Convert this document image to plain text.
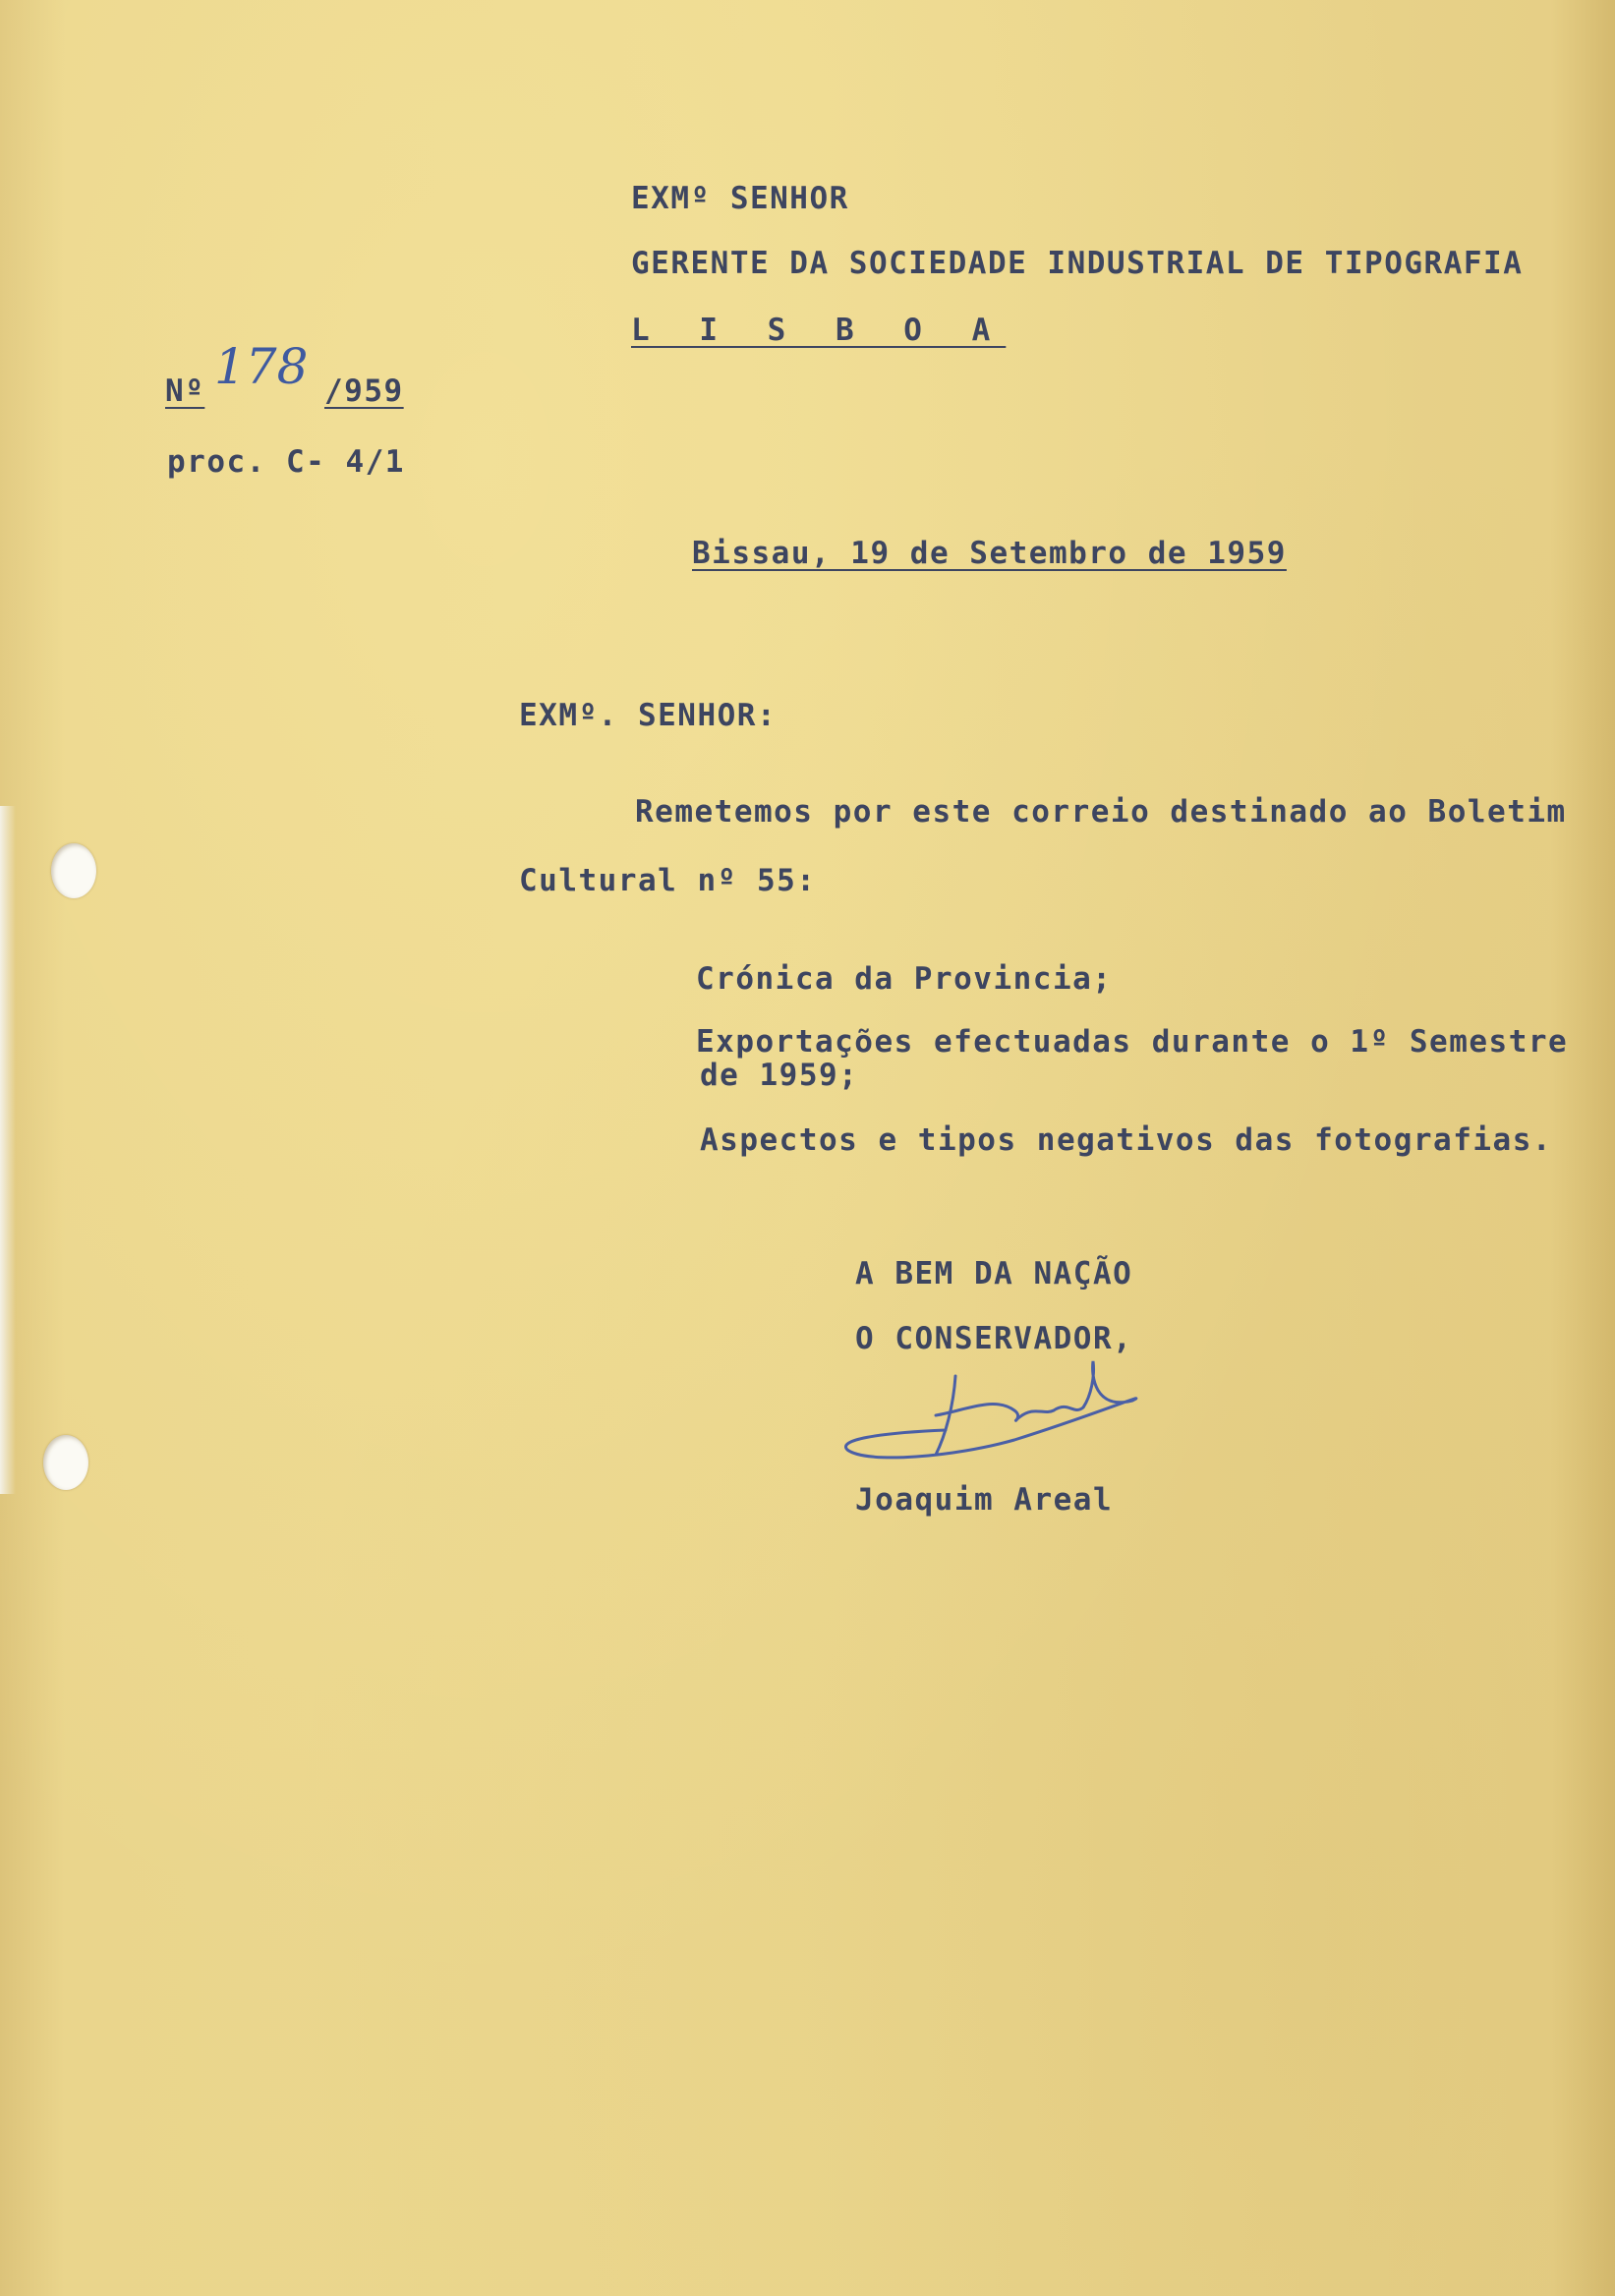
EXMº SENHOR
GERENTE DA SOCIEDADE INDUSTRIAL DE TIPOGRAFIA
L I S B O A
Nº 178 /959
proc. C- 4/1
Bissau, 19 de Setembro de 1959
EXMº. SENHOR:
Remetemos por este correio destinado ao Boletim
Cultural nº 55:
Crónica da Provincia;
Exportações efectuadas durante o 1º Semestre
de 1959;
Aspectos e tipos negativos das fotografias.
A BEM DA NAÇÃO
O CONSERVADOR,
Joaquim Areal
